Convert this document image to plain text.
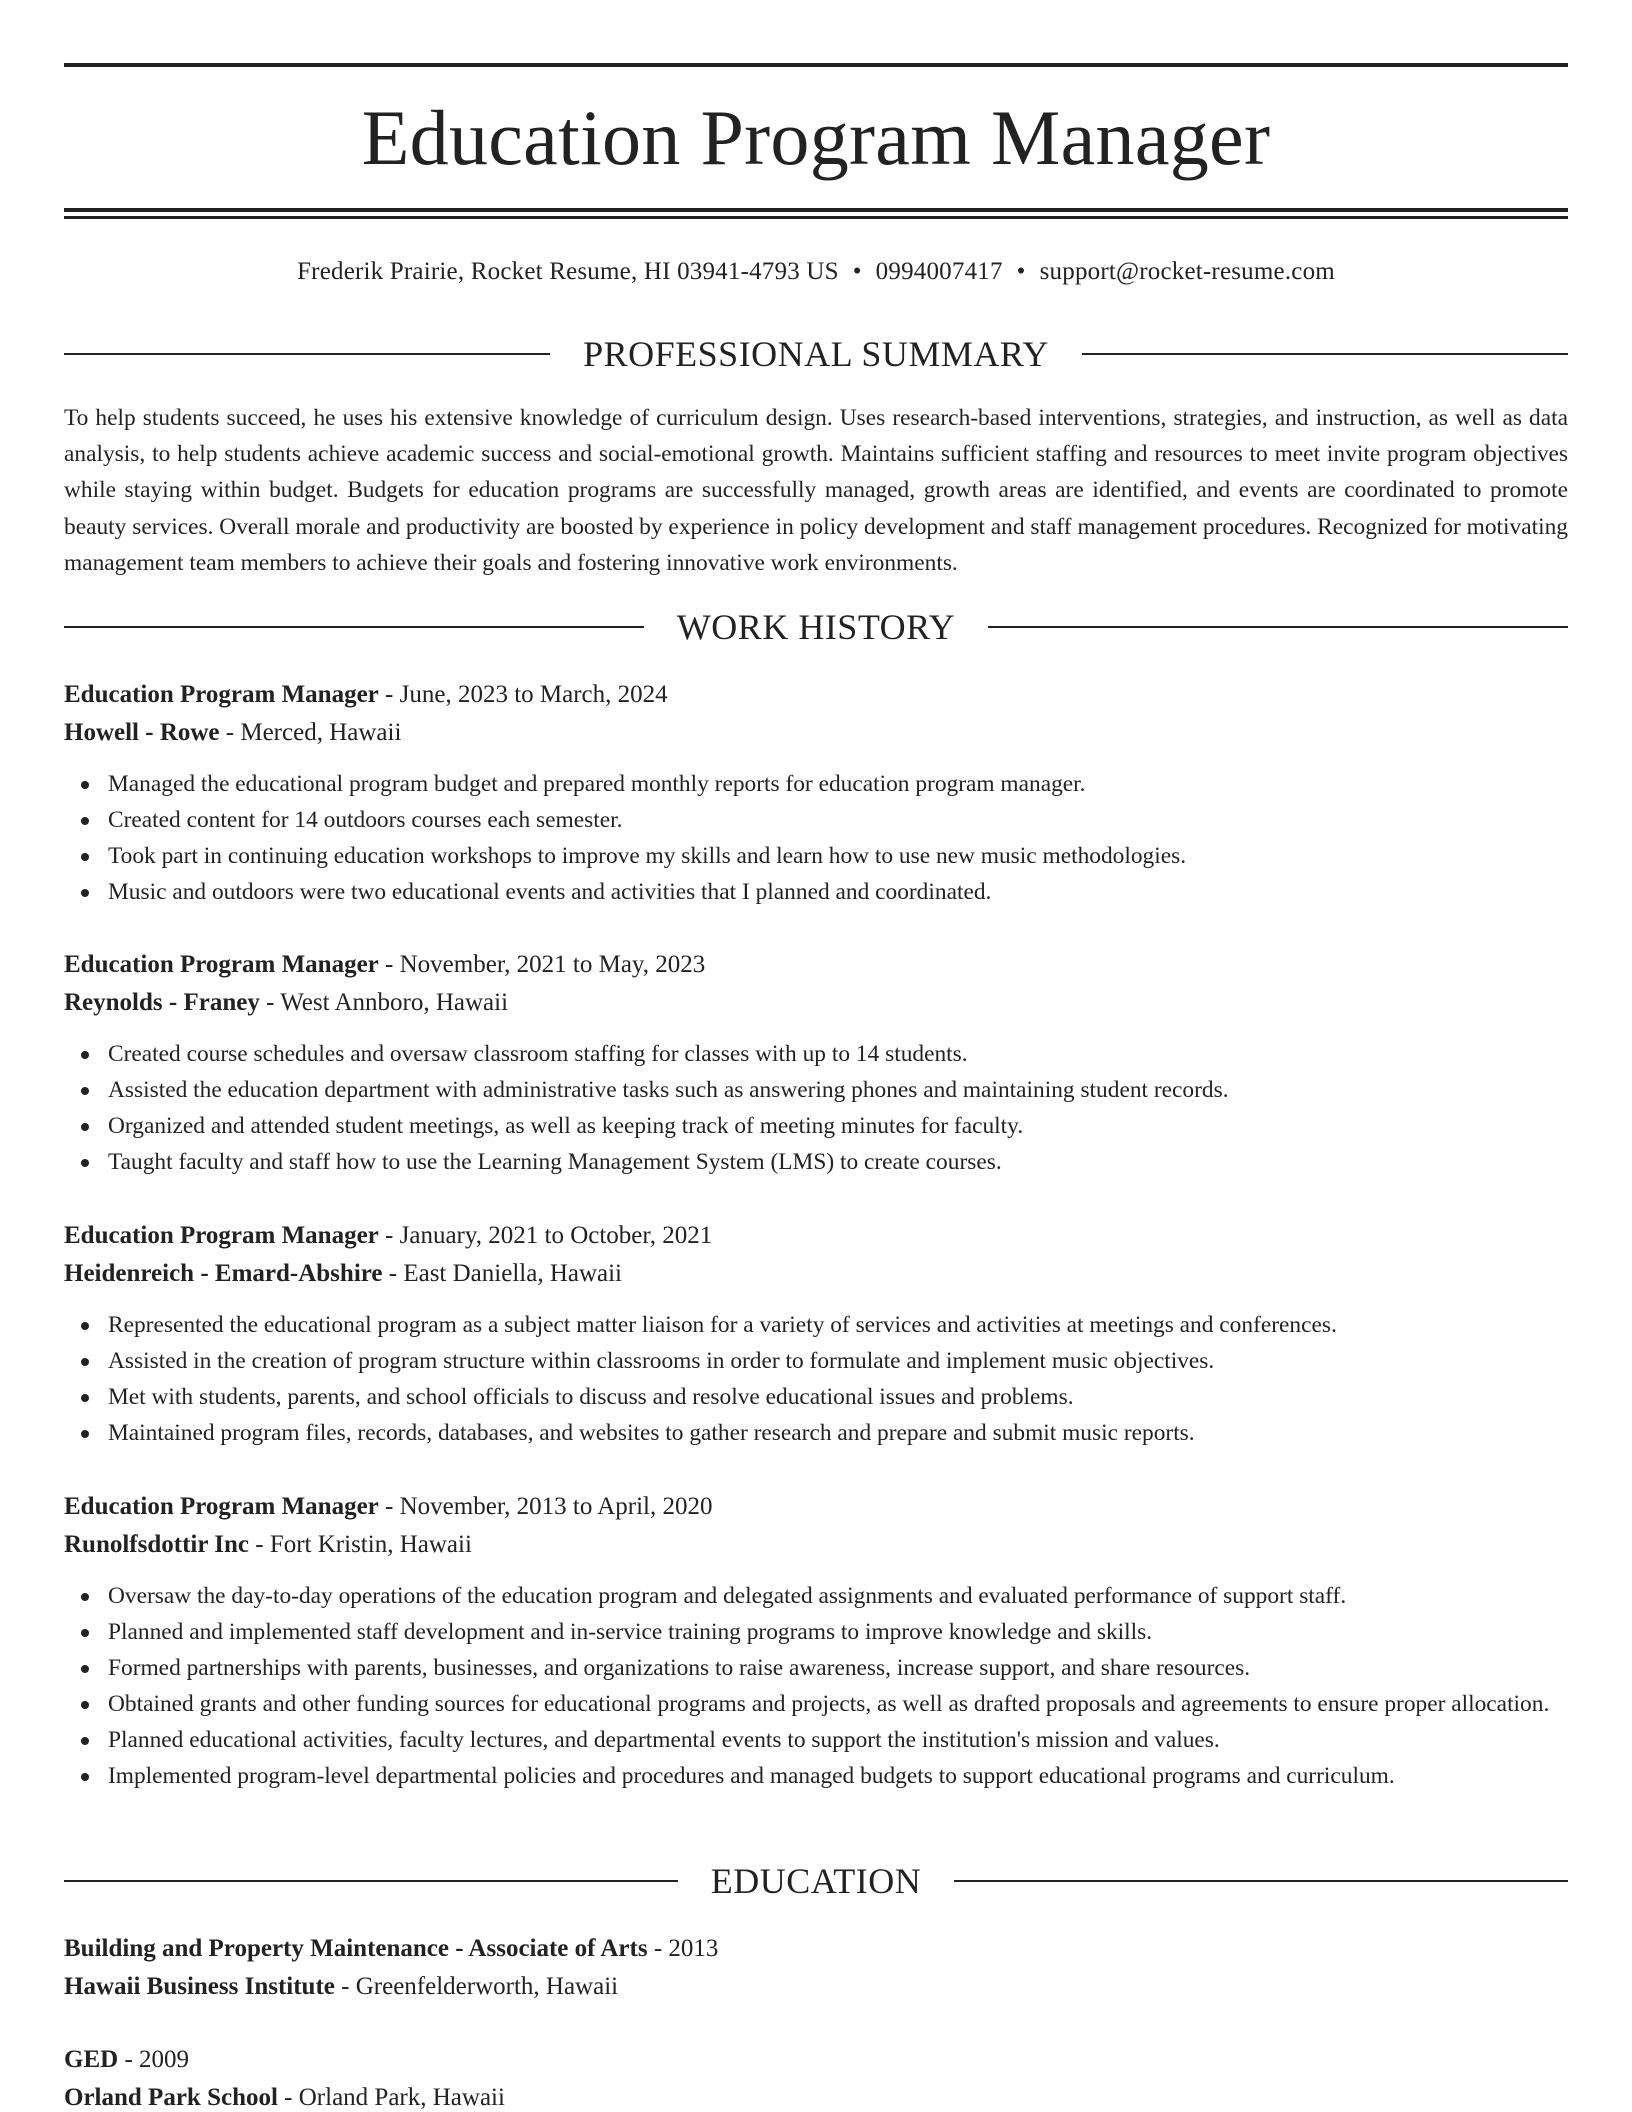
Education Program Manager
Frederik Prairie, Rocket Resume, HI 03941-4793 US • 0994007417 • support@rocket-resume.com
PROFESSIONAL SUMMARY

To help students succeed, he uses his extensive knowledge of curriculum design. Uses research-based interventions, strategies, and instruction, as well as data analysis, to help students achieve academic success and social-emotional growth. Maintains sufficient staffing and resources to meet invite program objectives while staying within budget. Budgets for education programs are successfully managed, growth areas are identified, and events are coordinated to promote beauty services. Overall morale and productivity are boosted by experience in policy development and staff management procedures. Recognized for motivating management team members to achieve their goals and fostering innovative work environments.

WORK HISTORY
Education Program Manager - June, 2023 to March, 2024
Howell - Rowe - Merced, Hawaii
Managed the educational program budget and prepared monthly reports for education program manager.
Created content for 14 outdoors courses each semester.
Took part in continuing education workshops to improve my skills and learn how to use new music methodologies.
Music and outdoors were two educational events and activities that I planned and coordinated.
Education Program Manager - November, 2021 to May, 2023
Reynolds - Franey - West Annboro, Hawaii
Created course schedules and oversaw classroom staffing for classes with up to 14 students.
Assisted the education department with administrative tasks such as answering phones and maintaining student records.
Organized and attended student meetings, as well as keeping track of meeting minutes for faculty.
Taught faculty and staff how to use the Learning Management System (LMS) to create courses.
Education Program Manager - January, 2021 to October, 2021
Heidenreich - Emard-Abshire - East Daniella, Hawaii
Represented the educational program as a subject matter liaison for a variety of services and activities at meetings and conferences.
Assisted in the creation of program structure within classrooms in order to formulate and implement music objectives.
Met with students, parents, and school officials to discuss and resolve educational issues and problems.
Maintained program files, records, databases, and websites to gather research and prepare and submit music reports.
Education Program Manager - November, 2013 to April, 2020
Runolfsdottir Inc - Fort Kristin, Hawaii
Oversaw the day-to-day operations of the education program and delegated assignments and evaluated performance of support staff.
Planned and implemented staff development and in-service training programs to improve knowledge and skills.
Formed partnerships with parents, businesses, and organizations to raise awareness, increase support, and share resources.
Obtained grants and other funding sources for educational programs and projects, as well as drafted proposals and agreements to ensure proper allocation.
Planned educational activities, faculty lectures, and departmental events to support the institution's mission and values.
Implemented program-level departmental policies and procedures and managed budgets to support educational programs and curriculum.
EDUCATION
Building and Property Maintenance - Associate of Arts - 2013
Hawaii Business Institute - Greenfelderworth, Hawaii
GED - 2009
Orland Park School - Orland Park, Hawaii
